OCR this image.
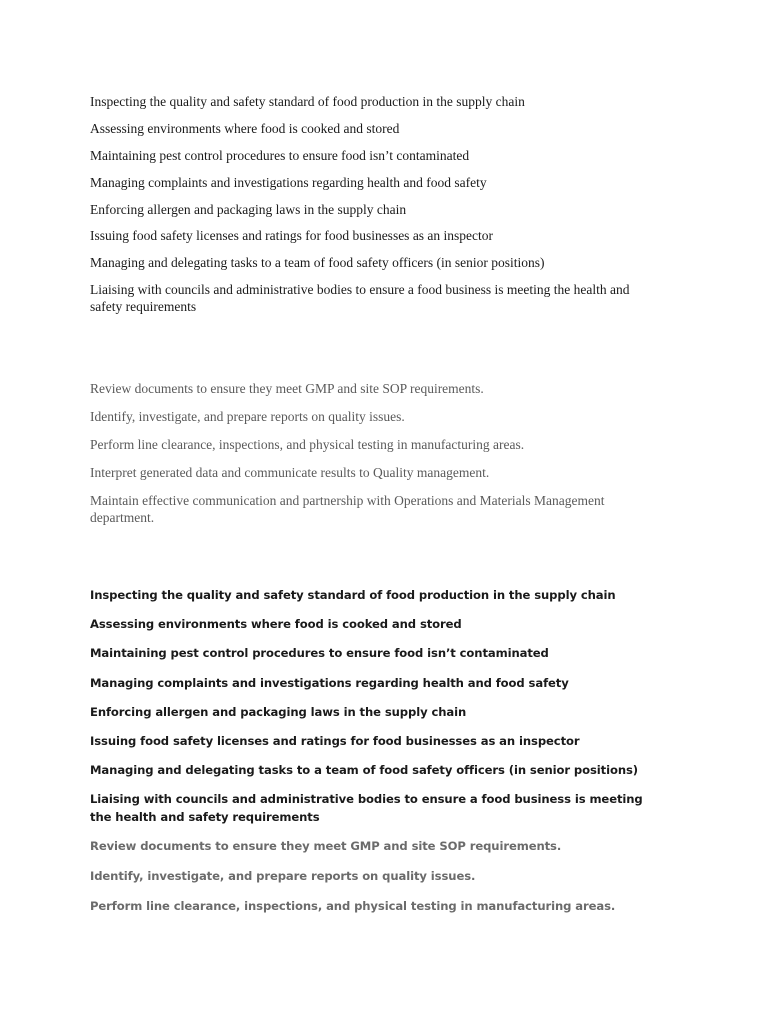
Inspecting the quality and safety standard of food production in the supply chain
Assessing environments where food is cooked and stored
Maintaining pest control procedures to ensure food isn’t contaminated
Managing complaints and investigations regarding health and food safety
Enforcing allergen and packaging laws in the supply chain
Issuing food safety licenses and ratings for food businesses as an inspector
Managing and delegating tasks to a team of food safety officers (in senior positions)
Liaising with councils and administrative bodies to ensure a food business is meeting the health and safety requirements
Review documents to ensure they meet GMP and site SOP requirements.
Identify, investigate, and prepare reports on quality issues.
Perform line clearance, inspections, and physical testing in manufacturing areas.
Interpret generated data and communicate results to Quality management.
Maintain effective communication and partnership with Operations and Materials Management department.
Inspecting the quality and safety standard of food production in the supply chain
Assessing environments where food is cooked and stored
Maintaining pest control procedures to ensure food isn’t contaminated
Managing complaints and investigations regarding health and food safety
Enforcing allergen and packaging laws in the supply chain
Issuing food safety licenses and ratings for food businesses as an inspector
Managing and delegating tasks to a team of food safety officers (in senior positions)
Liaising with councils and administrative bodies to ensure a food business is meeting the health and safety requirements
Review documents to ensure they meet GMP and site SOP requirements.
Identify, investigate, and prepare reports on quality issues.
Perform line clearance, inspections, and physical testing in manufacturing areas.
